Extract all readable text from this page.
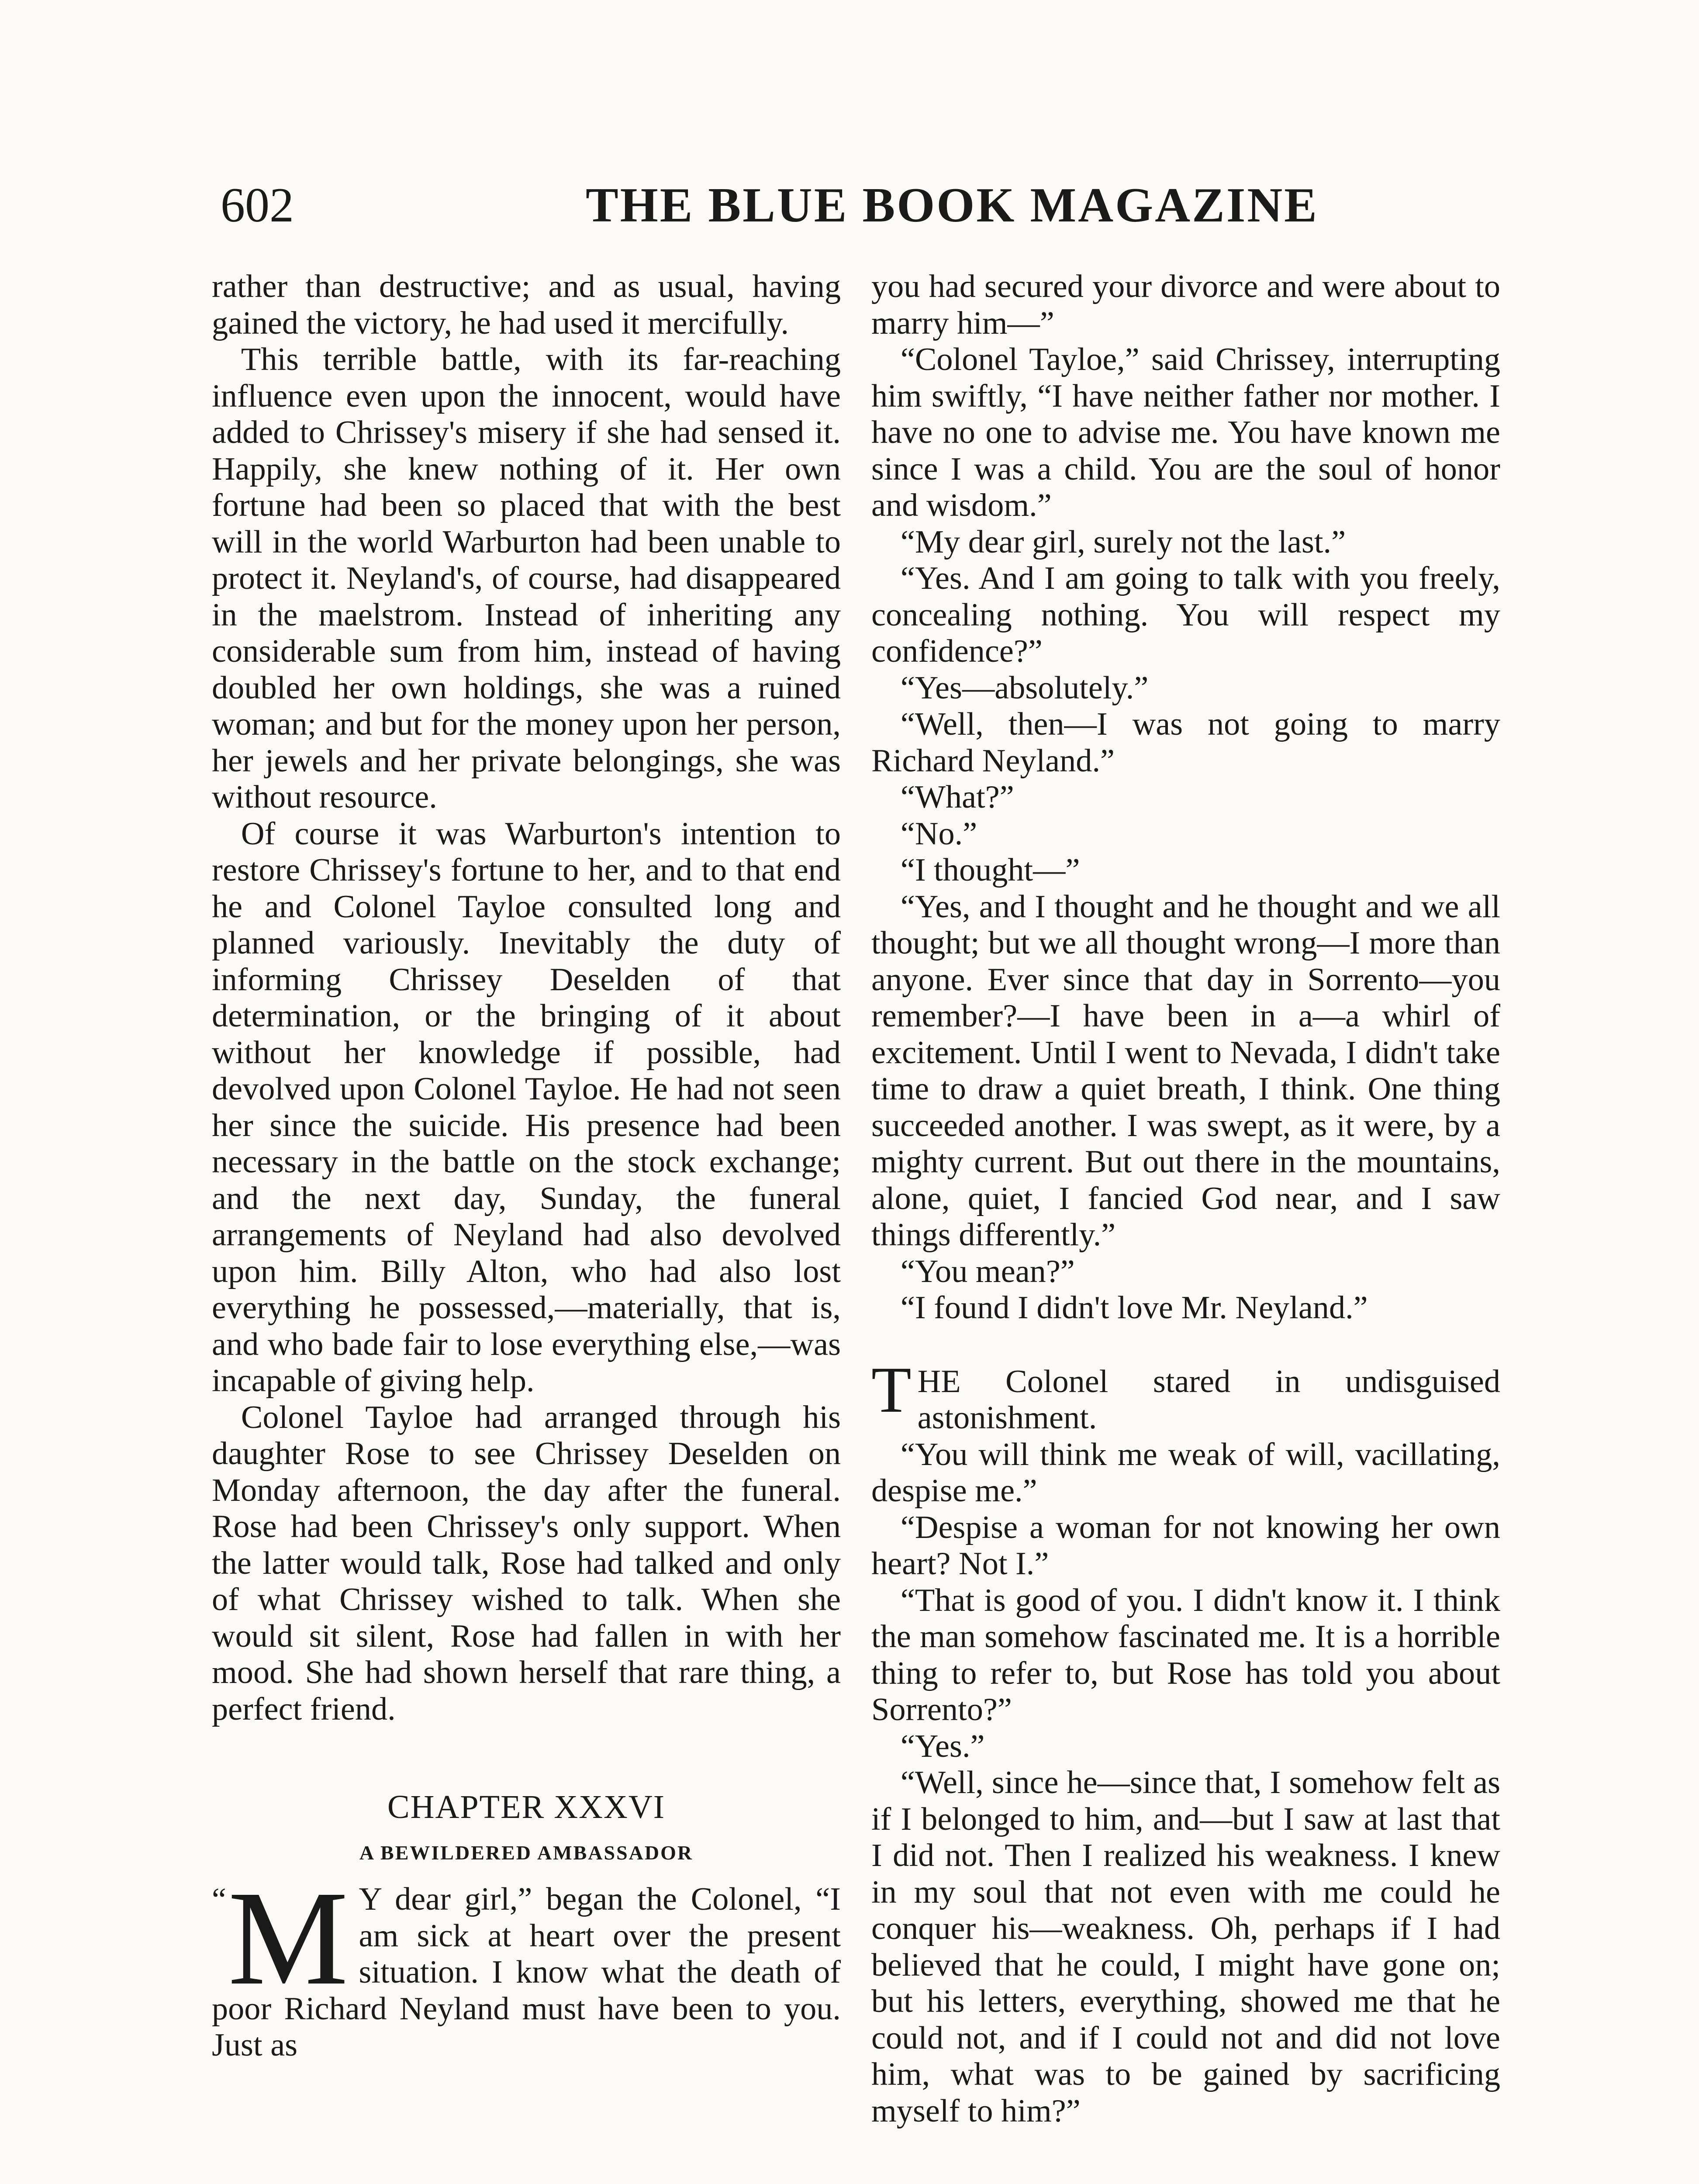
602	THE BLUE BOOK MAGAZINE

rather than destructive; and as usual, having gained the victory, he had used it mercifully.

This terrible battle, with its far-reaching influence even upon the innocent, would have added to Chrissey's misery if she had sensed it. Happily, she knew nothing of it. Her own fortune had been so placed that with the best will in the world Warburton had been unable to protect it. Neyland's, of course, had disappeared in the maelstrom. Instead of inheriting any considerable sum from him, instead of having doubled her own holdings, she was a ruined woman; and but for the money upon her person, her jewels and her private belongings, she was without resource.

Of course it was Warburton's intention to restore Chrissey's fortune to her, and to that end he and Colonel Tayloe consulted long and planned variously. Inevitably the duty of informing Chrissey Deselden of that determination, or the bringing of it about without her knowledge if possible, had devolved upon Colonel Tayloe. He had not seen her since the suicide. His presence had been necessary in the battle on the stock exchange; and the next day, Sunday, the funeral arrangements of Neyland had also devolved upon him. Billy Alton, who had also lost everything he possessed,—materially, that is, and who bade fair to lose everything else,—was incapable of giving help.

Colonel Tayloe had arranged through his daughter Rose to see Chrissey Deselden on Monday afternoon, the day after the funeral. Rose had been Chrissey's only support. When the latter would talk, Rose had talked and only of what Chrissey wished to talk. When she would sit silent, Rose had fallen in with her mood. She had shown herself that rare thing, a perfect friend.

CHAPTER XXXVI
A BEWILDERED AMBASSADOR

“ M Y dear girl,” began the Colonel, “I am sick at heart over the present situation. I know what the death of poor Richard Neyland must have been to you. Just as

you had secured your divorce and were about to marry him—”

“Colonel Tayloe,” said Chrissey, interrupting him swiftly, “I have neither father nor mother. I have no one to advise me. You have known me since I was a child. You are the soul of honor and wisdom.”

“My dear girl, surely not the last.”

“Yes. And I am going to talk with you freely, concealing nothing. You will respect my confidence?”

“Yes—absolutely.”

“Well, then—I was not going to marry Richard Neyland.”

“What?”

“No.”

“I thought—”

“Yes, and I thought and he thought and we all thought; but we all thought wrong—I more than anyone. Ever since that day in Sorrento—you remember?—I have been in a—a whirl of excitement. Until I went to Nevada, I didn't take time to draw a quiet breath, I think. One thing succeeded another. I was swept, as it were, by a mighty current. But out there in the mountains, alone, quiet, I fancied God near, and I saw things differently.”

“You mean?”

“I found I didn't love Mr. Neyland.”

T HE Colonel stared in undisguised astonishment.

“You will think me weak of will, vacillating, despise me.”

“Despise a woman for not knowing her own heart? Not I.”

“That is good of you. I didn't know it. I think the man somehow fascinated me. It is a horrible thing to refer to, but Rose has told you about Sorrento?”

“Yes.”

“Well, since he—since that, I somehow felt as if I belonged to him, and—but I saw at last that I did not. Then I realized his weakness. I knew in my soul that not even with me could he conquer his—weakness. Oh, perhaps if I had believed that he could, I might have gone on; but his letters, everything, showed me that he could not, and if I could not and did not love him, what was to be gained by sacrificing myself to him?”
